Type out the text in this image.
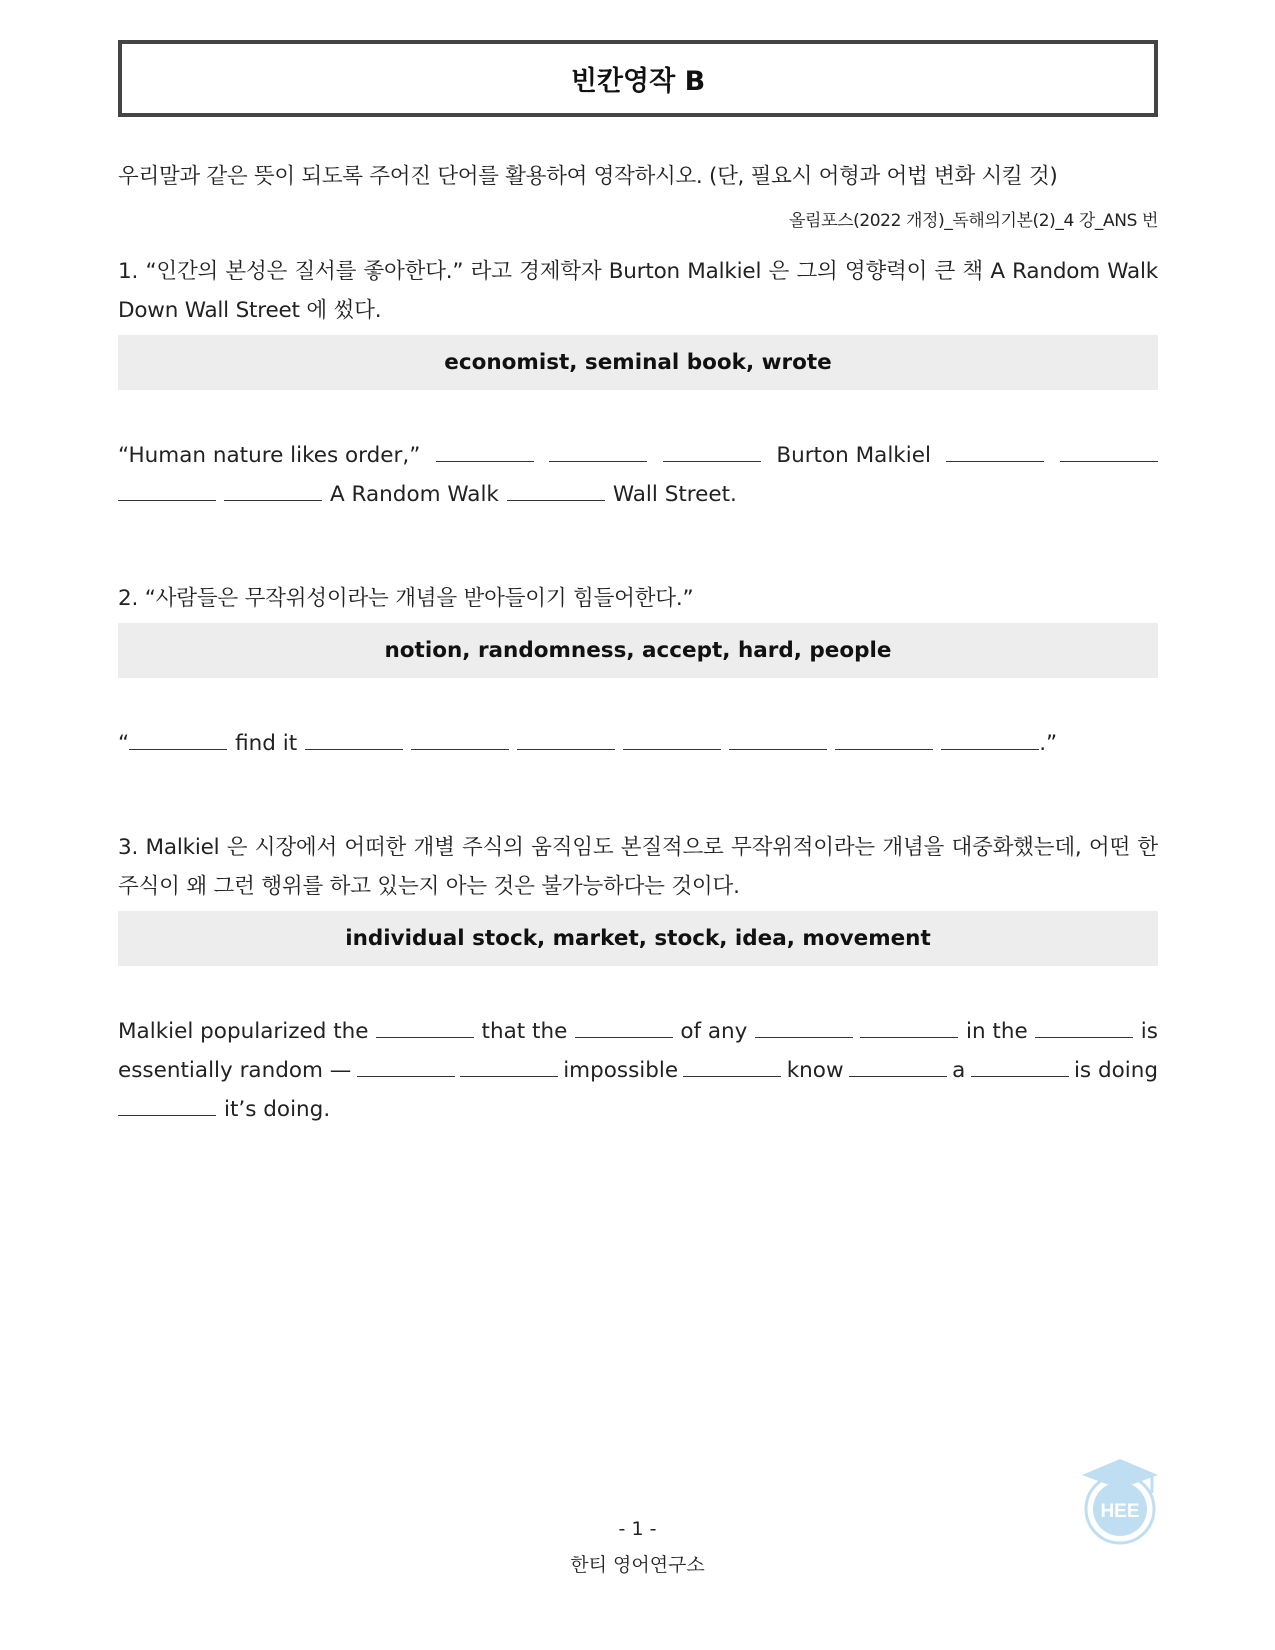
빈칸영작 B
우리말과 같은 뜻이 되도록 주어진 단어를 활용하여 영작하시오. (단, 필요시 어형과 어법 변화 시킬 것)
올림포스(2022 개정)_독해의기본(2)_4 강_ANS 번
1. “인간의 본성은 질서를 좋아한다.” 라고 경제학자 Burton Malkiel 은 그의 영향력이 큰 책 A Random Walk Down Wall Street 에 썼다.
economist, seminal book, wrote
“Human nature likes order,”	Burton Malkiel
A Random Walk	Wall Street.
2. “사람들은 무작위성이라는 개념을 받아들이기 힘들어한다.”
notion, randomness, accept, hard, people
“	find it	.”
3. Malkiel 은 시장에서 어떠한 개별 주식의 움직임도 본질적으로 무작위적이라는 개념을 대중화했는데, 어떤 한 주식이 왜 그런 행위를 하고 있는지 아는 것은 불가능하다는 것이다.
individual stock, market, stock, idea, movement
Malkiel popularized the	that the	of any	in the	is
essentially random —	impossible	know	a	is doing
it’s doing.
- 1 -
한티 영어연구소
HEE
